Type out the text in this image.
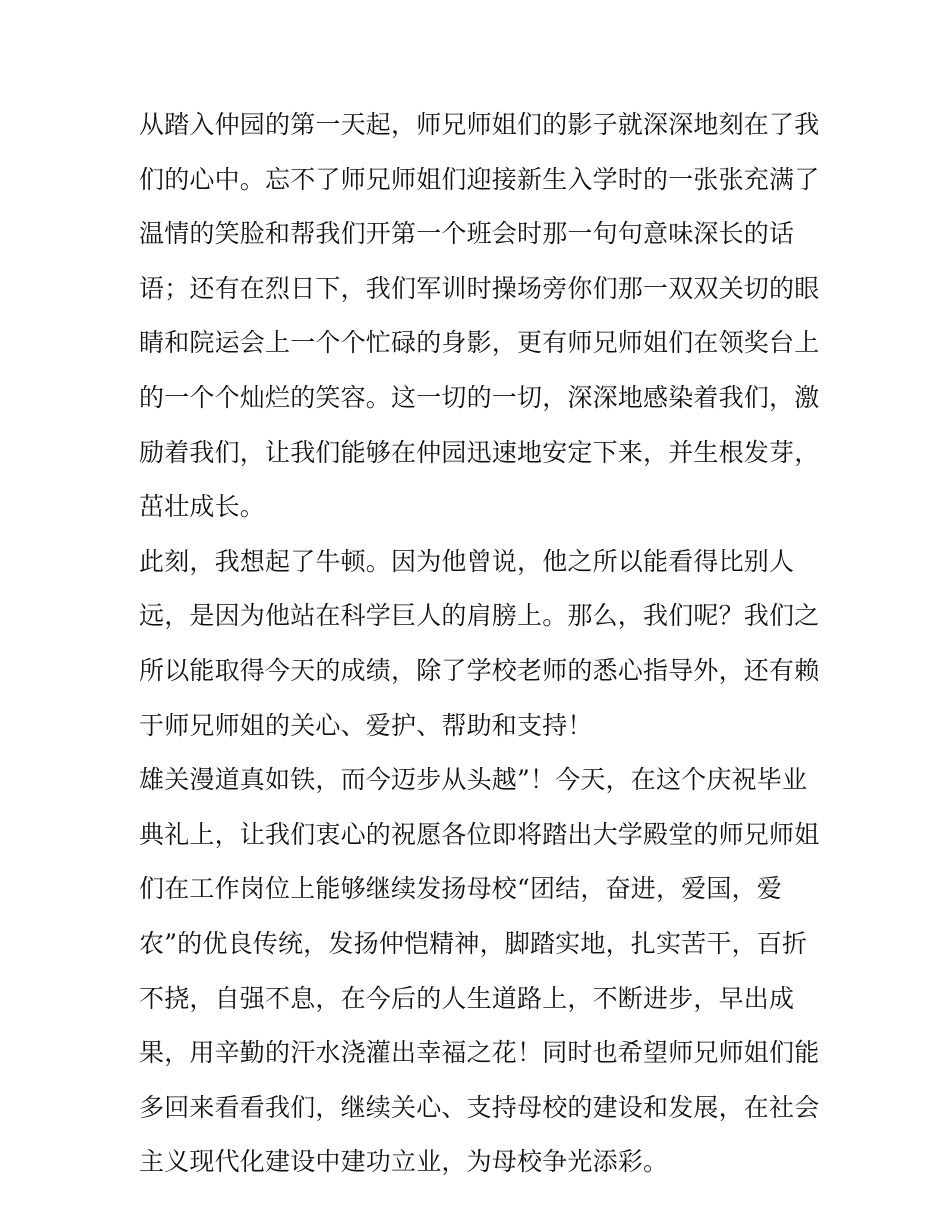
从踏入仲园的第一天起，师兄师姐们的影子就深深地刻在了我
们的心中。忘不了师兄师姐们迎接新生入学时的一张张充满了
温情的笑脸和帮我们开第一个班会时那一句句意味深长的话
语；还有在烈日下，我们军训时操场旁你们那一双双关切的眼
睛和院运会上一个个忙碌的身影，更有师兄师姐们在领奖台上
的一个个灿烂的笑容。这一切的一切，深深地感染着我们，激
励着我们，让我们能够在仲园迅速地安定下来，并生根发芽，
茁壮成长。
此刻，我想起了牛顿。因为他曾说，他之所以能看得比别人
远，是因为他站在科学巨人的肩膀上。那么，我们呢？我们之
所以能取得今天的成绩，除了学校老师的悉心指导外，还有赖
于师兄师姐的关心、爱护、帮助和支持！
雄关漫道真如铁，而今迈步从头越”！今天，在这个庆祝毕业
典礼上，让我们衷心的祝愿各位即将踏出大学殿堂的师兄师姐
们在工作岗位上能够继续发扬母校“团结，奋进，爱国，爱
农”的优良传统，发扬仲恺精神，脚踏实地，扎实苦干，百折
不挠，自强不息，在今后的人生道路上，不断进步，早出成
果，用辛勤的汗水浇灌出幸福之花！同时也希望师兄师姐们能
多回来看看我们，继续关心、支持母校的建设和发展，在社会
主义现代化建设中建功立业，为母校争光添彩。
